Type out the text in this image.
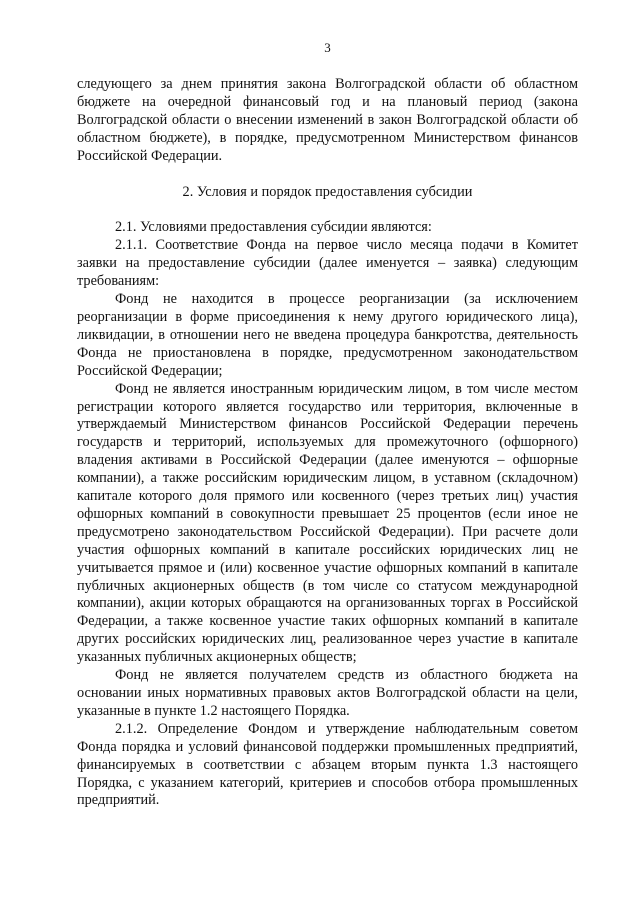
3

следующего за днем принятия закона Волгоградской области об областном бюджете на очередной финансовый год и на плановый период (закона Волгоградской области о внесении изменений в закон Волгоградской области об областном бюджете), в порядке, предусмотренном Министерством финансов Российской Федерации.

2. Условия и порядок предоставления субсидии

2.1. Условиями предоставления субсидии являются:

2.1.1. Соответствие Фонда на первое число месяца подачи в Комитет заявки на предоставление субсидии (далее именуется – заявка) следующим требованиям:

Фонд не находится в процессе реорганизации (за исключением реорганизации в форме присоединения к нему другого юридического лица), ликвидации, в отношении него не введена процедура банкротства, деятельность Фонда не приостановлена в порядке, предусмотренном законодательством Российской Федерации;

Фонд не является иностранным юридическим лицом, в том числе местом регистрации которого является государство или территория, включенные в утверждаемый Министерством финансов Российской Федерации перечень государств и территорий, используемых для промежуточного (офшорного) владения активами в Российской Федерации (далее именуются – офшорные компании), а также российским юридическим лицом, в уставном (складочном) капитале которого доля прямого или косвенного (через третьих лиц) участия офшорных компаний в совокупности превышает 25 процентов (если иное не предусмотрено законодательством Российской Федерации). При расчете доли участия офшорных компаний в капитале российских юридических лиц не учитывается прямое и (или) косвенное участие офшорных компаний в капитале публичных акционерных обществ (в том числе со статусом международной компании), акции которых обращаются на организованных торгах в Российской Федерации, а также косвенное участие таких офшорных компаний в капитале других российских юридических лиц, реализованное через участие в капитале указанных публичных акционерных обществ;

Фонд не является получателем средств из областного бюджета на основании иных нормативных правовых актов Волгоградской области на цели, указанные в пункте 1.2 настоящего Порядка.

2.1.2. Определение Фондом и утверждение наблюдательным советом Фонда порядка и условий финансовой поддержки промышленных предприятий, финансируемых в соответствии с абзацем вторым пункта 1.3 настоящего Порядка, с указанием категорий, критериев и способов отбора промышленных предприятий.
